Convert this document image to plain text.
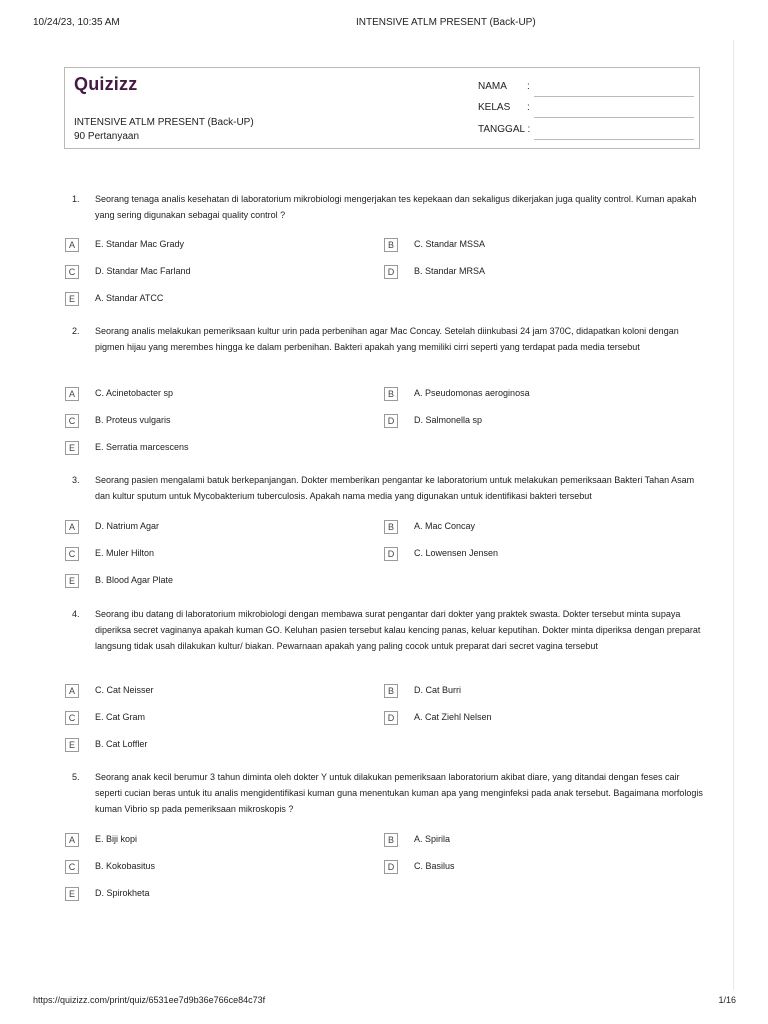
10/24/23, 10:35 AM	INTENSIVE ATLM PRESENT (Back-UP)
Quizizz
INTENSIVE ATLM PRESENT (Back-UP)
90 Pertanyaan
NAMA :
KELAS :
TANGGAL :
1. Seorang tenaga analis kesehatan di laboratorium mikrobiologi mengerjakan tes kepekaan dan sekaligus dikerjakan juga quality control. Kuman apakah yang sering digunakan sebagai quality control ?
A	E. Standar Mac Grady	B	C. Standar MSSA
C	D. Standar Mac Farland	D	B. Standar MRSA
E	A. Standar ATCC
2. Seorang analis melakukan pemeriksaan kultur urin pada perbenihan agar Mac Concay. Setelah diinkubasi 24 jam 370C, didapatkan koloni dengan pigmen hijau yang merembes hingga ke dalam perbenihan. Bakteri apakah yang memiliki cirri seperti yang terdapat pada media tersebut
A	C. Acinetobacter sp	B	A. Pseudomonas aeroginosa
C	B. Proteus vulgaris	D	D. Salmonella sp
E	E. Serratia marcescens
3. Seorang pasien mengalami batuk berkepanjangan. Dokter memberikan pengantar ke laboratorium untuk melakukan pemeriksaan Bakteri Tahan Asam dan kultur sputum untuk Mycobakterium tuberculosis. Apakah nama media yang digunakan untuk identifikasi bakteri tersebut
A	D. Natrium Agar	B	A. Mac Concay
C	E. Muler Hilton	D	C. Lowensen Jensen
E	B. Blood Agar Plate
4. Seorang ibu datang di laboratorium mikrobiologi dengan membawa surat pengantar dari dokter yang praktek swasta. Dokter tersebut minta supaya diperiksa secret vaginanya apakah kuman GO. Keluhan pasien tersebut kalau kencing panas, keluar keputihan. Dokter minta diperiksa dengan preparat langsung tidak usah dilakukan kultur/ biakan. Pewarnaan apakah yang paling cocok untuk preparat dari secret vagina tersebut
A	C. Cat Neisser	B	D. Cat Burri
C	E. Cat Gram	D	A. Cat Ziehl Nelsen
E	B. Cat Loffler
5. Seorang anak kecil berumur 3 tahun diminta oleh dokter Y untuk dilakukan pemeriksaan laboratorium akibat diare, yang ditandai dengan feses cair seperti cucian beras untuk itu analis mengidentifikasi kuman guna menentukan kuman apa yang menginfeksi pada anak tersebut. Bagaimana morfologis kuman Vibrio sp pada pemeriksaan mikroskopis ?
A	E. Biji kopi	B	A. Spirila
C	B. Kokobasitus	D	C. Basilus
E	D. Spirokheta
https://quizizz.com/print/quiz/6531ee7d9b36e766ce84c73f	1/16
